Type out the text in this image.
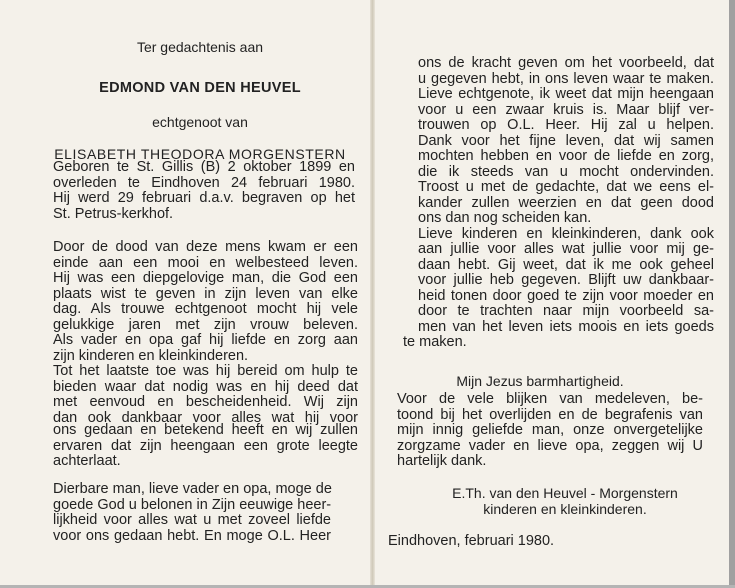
Ter gedachtenis aan
EDMOND VAN DEN HEUVEL
echtgenoot van
ELISABETH THEODORA MORGENSTERN
Geboren te St. Gillis (B) 2 oktober 1899 en
overleden te Eindhoven 24 februari 1980.
Hij werd 29 februari d.a.v. begraven op het
St. Petrus-kerkhof.
Door de dood van deze mens kwam er een
einde aan een mooi en welbesteed leven.
Hij was een diepgelovige man, die God een
plaats wist te geven in zijn leven van elke
dag. Als trouwe echtgenoot mocht hij vele
gelukkige jaren met zijn vrouw beleven.
Als vader en opa gaf hij liefde en zorg aan
zijn kinderen en kleinkinderen.
Tot het laatste toe was hij bereid om hulp te
bieden waar dat nodig was en hij deed dat
met eenvoud en bescheidenheid. Wij zijn
dan ook dankbaar voor alles wat hij voor
ons gedaan en betekend heeft en wij zullen
ervaren dat zijn heengaan een grote leegte
achterlaat.
Dierbare man, lieve vader en opa, moge de
goede God u belonen in Zijn eeuwige heer-
lijkheid voor alles wat u met zoveel liefde
voor ons gedaan hebt. En moge O.L. Heer
ons de kracht geven om het voorbeeld, dat
u gegeven hebt, in ons leven waar te maken.
Lieve echtgenote, ik weet dat mijn heengaan
voor u een zwaar kruis is. Maar blijf ver-
trouwen op O.L. Heer. Hij zal u helpen.
Dank voor het fijne leven, dat wij samen
mochten hebben en voor de liefde en zorg,
die ik steeds van u mocht ondervinden.
Troost u met de gedachte, dat we eens el-
kander zullen weerzien en dat geen dood
ons dan nog scheiden kan.
Lieve kinderen en kleinkinderen, dank ook
aan jullie voor alles wat jullie voor mij ge-
daan hebt. Gij weet, dat ik me ook geheel
voor jullie heb gegeven. Blijft uw dankbaar-
heid tonen door goed te zijn voor moeder en
door te trachten naar mijn voorbeeld sa-
men van het leven iets moois en iets goeds
te maken.
Mijn Jezus barmhartigheid.
Voor de vele blijken van medeleven, be-
toond bij het overlijden en de begrafenis van
mijn innig geliefde man, onze onvergetelijke
zorgzame vader en lieve opa, zeggen wij U
hartelijk dank.
E.Th. van den Heuvel - Morgenstern
kinderen en kleinkinderen.
Eindhoven, februari 1980.
